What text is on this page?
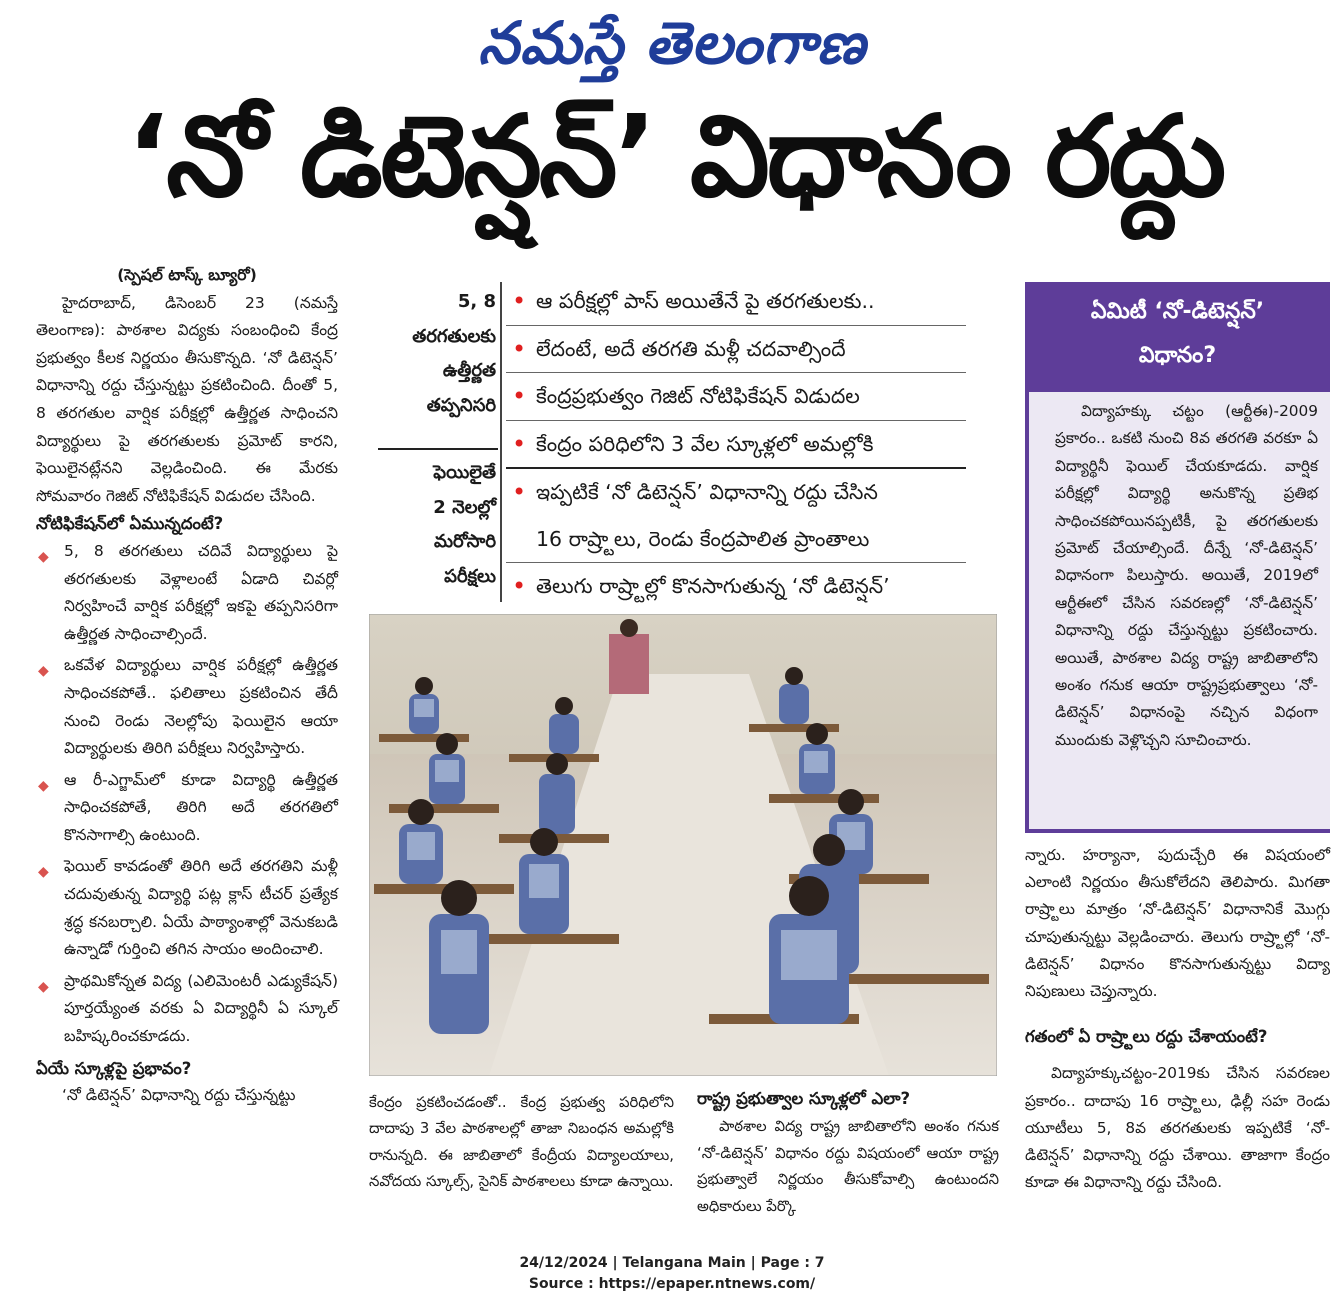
నమస్తే తెలంగాణ
‘నో డిటెన్షన్’ విధానం రద్దు

(స్పెషల్ టాస్క్ బ్యూరో)

హైదరాబాద్, డిసెంబర్ 23 (నమస్తే తెలంగాణ): పాఠశాల విద్యకు సంబంధించి కేంద్ర ప్రభుత్వం కీలక నిర్ణయం తీసుకొన్నది. ‘నో డిటెన్షన్’ విధానాన్ని రద్దు చేస్తున్నట్టు ప్రకటించింది. దీంతో 5, 8 తరగతుల వార్షిక పరీక్షల్లో ఉత్తీర్ణత సాధించని విద్యార్థులు పై తరగతులకు ప్రమోట్ కారని, ఫెయిలైనట్లేనని వెల్లడించింది. ఈ మేరకు సోమవారం గెజిట్ నోటిఫికేషన్ విడుదల చేసింది.

నోటిఫికేషన్‌లో ఏమున్నదంటే?

◆ 5, 8 తరగతులు చదివే విద్యార్థులు పై తరగతులకు వెళ్లాలంటే ఏడాది చివర్లో నిర్వహించే వార్షిక పరీక్షల్లో ఇకపై తప్పనిసరిగా ఉత్తీర్ణత సాధించాల్సిందే.
◆ ఒకవేళ విద్యార్థులు వార్షిక పరీక్షల్లో ఉత్తీర్ణత సాధించకపోతే.. ఫలితాలు ప్రకటించిన తేదీ నుంచి రెండు నెలల్లోపు ఫెయిలైన ఆయా విద్యార్థులకు తిరిగి పరీక్షలు నిర్వహిస్తారు.
◆ ఆ రీ-ఎగ్జామ్‌లో కూడా విద్యార్థి ఉత్తీర్ణత సాధించకపోతే, తిరిగి అదే తరగతిలో కొనసాగాల్సి ఉంటుంది.
◆ ఫెయిల్ కావడంతో తిరిగి అదే తరగతిని మళ్లీ చదువుతున్న విద్యార్థి పట్ల క్లాస్ టీచర్ ప్రత్యేక శ్రద్ధ కనబర్చాలి. ఏయే పాఠ్యాంశాల్లో వెనుకబడి ఉన్నాడో గుర్తించి తగిన సాయం అందించాలి.
◆ ప్రాథమికోన్నత విద్య (ఎలిమెంటరీ ఎడ్యుకేషన్) పూర్తయ్యేంత వరకు ఏ విద్యార్థినీ ఏ స్కూల్ బహిష్కరించకూడదు.

ఏయే స్కూళ్లపై ప్రభావం?

‘నో డిటెన్షన్’ విధానాన్ని రద్దు చేస్తున్నట్టు

5, 8
తరగతులకు
ఉత్తీర్ణత
తప్పనిసరి
ఫెయిలైతే
2 నెలల్లో
మరోసారి
పరీక్షలు
• ఆ పరీక్షల్లో పాస్ అయితేనే పై తరగతులకు..
• లేదంటే, అదే తరగతి మళ్లీ చదవాల్సిందే
• కేంద్రప్రభుత్వం గెజిట్ నోటిఫికేషన్ విడుదల
• కేంద్రం పరిధిలోని 3 వేల స్కూళ్లలో అమల్లోకి
• ఇప్పటికే ‘నో డిటెన్షన్’ విధానాన్ని రద్దు చేసిన
16 రాష్ర్టాలు, రెండు కేంద్రపాలిత ప్రాంతాలు
• తెలుగు రాష్ర్టాల్లో కొనసాగుతున్న ‘నో డిటెన్షన్’

కేంద్రం ప్రకటించడంతో.. కేంద్ర ప్రభుత్వ పరిధిలోని దాదాపు 3 వేల పాఠశాలల్లో తాజా నిబంధన అమల్లోకి రానున్నది. ఈ జాబితాలో కేంద్రీయ విద్యాలయాలు, నవోదయ స్కూల్స్, సైనిక్ పాఠశాలలు కూడా ఉన్నాయి.

రాష్ట్ర ప్రభుత్వాల స్కూళ్లలో ఎలా?

పాఠశాల విద్య రాష్ట్ర జాబితాలోని అంశం గనుక ‘నో-డిటెన్షన్’ విధానం రద్దు విషయంలో ఆయా రాష్ట్ర ప్రభుత్వాలే నిర్ణయం తీసుకోవాల్సి ఉంటుందని అధికారులు పేర్కొ

ఏమిటీ ‘నో-డిటెన్షన్’
విధానం?

విద్యాహక్కు చట్టం (ఆర్టీఈ)-2009 ప్రకారం.. ఒకటి నుంచి 8వ తరగతి వరకూ ఏ విద్యార్థినీ ఫెయిల్ చేయకూడదు. వార్షిక పరీక్షల్లో విద్యార్థి అనుకొన్న ప్రతిభ సాధించకపోయినప్పటికీ, పై తరగతులకు ప్రమోట్ చేయాల్సిందే. దీన్నే ‘నో-డిటెన్షన్’ విధానంగా పిలుస్తారు. అయితే, 2019లో ఆర్టీఈలో చేసిన సవరణల్లో ‘నో-డిటెన్షన్’ విధానాన్ని రద్దు చేస్తున్నట్టు ప్రకటించారు. అయితే, పాఠశాల విద్య రాష్ట్ర జాబితాలోని అంశం గనుక ఆయా రాష్ట్రప్రభుత్వాలు ‘నో-డిటెన్షన్’ విధానంపై నచ్చిన విధంగా ముందుకు వెళ్లొచ్చని సూచించారు.

న్నారు. హర్యానా, పుదుచ్చేరి ఈ విషయంలో ఎలాంటి నిర్ణయం తీసుకోలేదని తెలిపారు. మిగతా రాష్ర్టాలు మాత్రం ‘నో-డిటెన్షన్’ విధానానికే మొగ్గు చూపుతున్నట్టు వెల్లడించారు. తెలుగు రాష్ర్టాల్లో ‘నో-డిటెన్షన్’ విధానం కొనసాగుతున్నట్టు విద్యా నిపుణులు చెప్తున్నారు.

గతంలో ఏ రాష్ర్టాలు రద్దు చేశాయంటే?

విద్యాహక్కుచట్టం-2019కు చేసిన సవరణల ప్రకారం.. దాదాపు 16 రాష్ర్టాలు, ఢిల్లీ సహ రెండు యూటీలు 5, 8వ తరగతులకు ఇప్పటికే ‘నో-డిటెన్షన్’ విధానాన్ని రద్దు చేశాయి. తాజాగా కేంద్రం కూడా ఈ విధానాన్ని రద్దు చేసింది.

24/12/2024 | Telangana Main | Page : 7
Source : https://epaper.ntnews.com/
